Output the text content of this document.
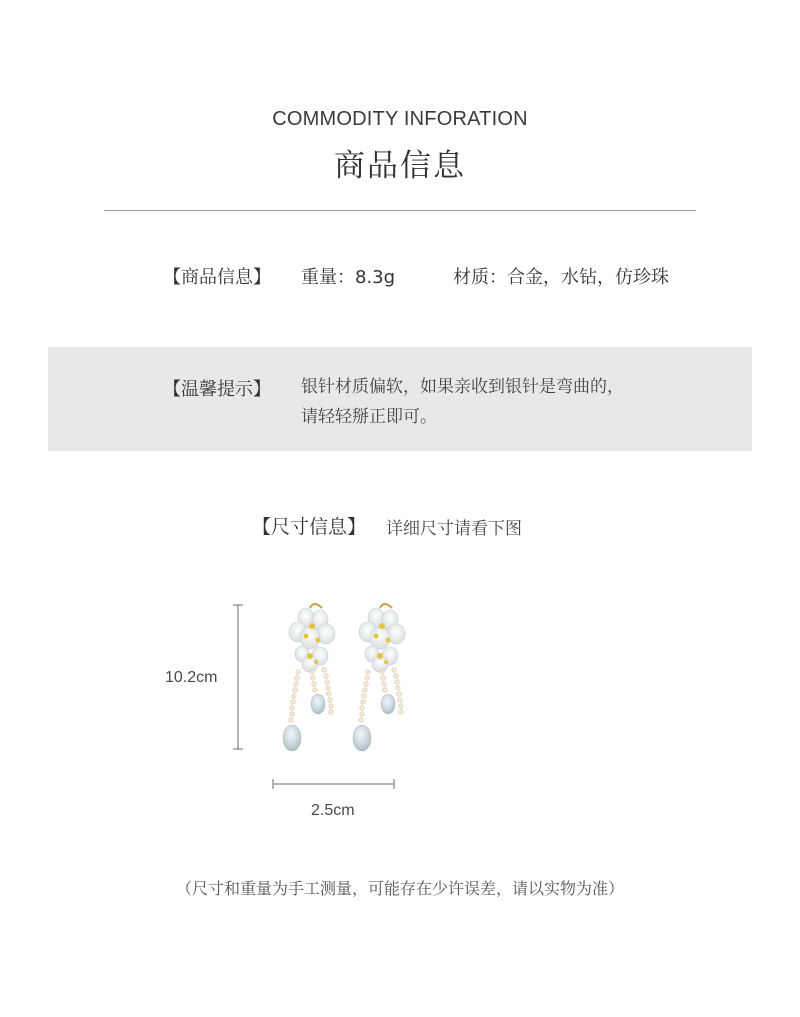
COMMODITY INFORATION
商品信息
【商品信息】 重量：8.3g	材质：合金，水钻，仿珍珠
【温馨提示】 银针材质偏软，如果亲收到银针是弯曲的，
请轻轻掰正即可。
【尺寸信息】 详细尺寸请看下图
10.2cm
2.5cm
（尺寸和重量为手工测量，可能存在少许误差，请以实物为准）
